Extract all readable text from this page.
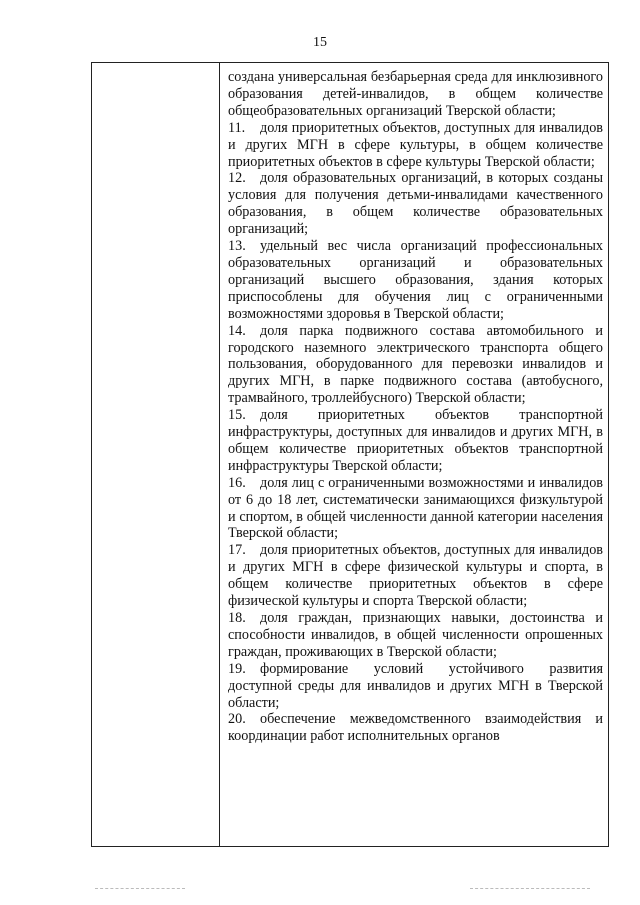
15

создана универсальная безбарьерная среда для инклюзивного образования детей-инвалидов, в общем количестве общеобразовательных организаций Тверской области;

11. доля приоритетных объектов, доступных для инвалидов и других МГН в сфере культуры, в общем количестве приоритетных объектов в сфере культуры Тверской области;

12. доля образовательных организаций, в которых созданы условия для получения детьми-инвалидами качественного образования, в общем количестве образовательных организаций;

13. удельный вес числа организаций профессиональных образовательных организаций и образовательных организаций высшего образования, здания которых приспособлены для обучения лиц с ограниченными возможностями здоровья в Тверской области;

14. доля парка подвижного состава автомобильного и городского наземного электрического транспорта общего пользования, оборудованного для перевозки инвалидов и других МГН, в парке подвижного состава (автобусного, трамвайного, троллейбусного) Тверской области;

15. доля приоритетных объектов транспортной инфраструктуры, доступных для инвалидов и других МГН, в общем количестве приоритетных объектов транспортной инфраструктуры Тверской области;

16. доля лиц с ограниченными возможностями и инвалидов от 6 до 18 лет, систематически занимающихся физкультурой и спортом, в общей численности данной категории населения Тверской области;

17. доля приоритетных объектов, доступных для инвалидов и других МГН в сфере физической культуры и спорта, в общем количестве приоритетных объектов в сфере физической культуры и спорта Тверской области;

18. доля граждан, признающих навыки, достоинства и способности инвалидов, в общей численности опрошенных граждан, проживающих в Тверской области;

19. формирование условий устойчивого развития доступной среды для инвалидов и других МГН в Тверской области;

20. обеспечение межведомственного взаимодействия и координации работ исполнительных органов
